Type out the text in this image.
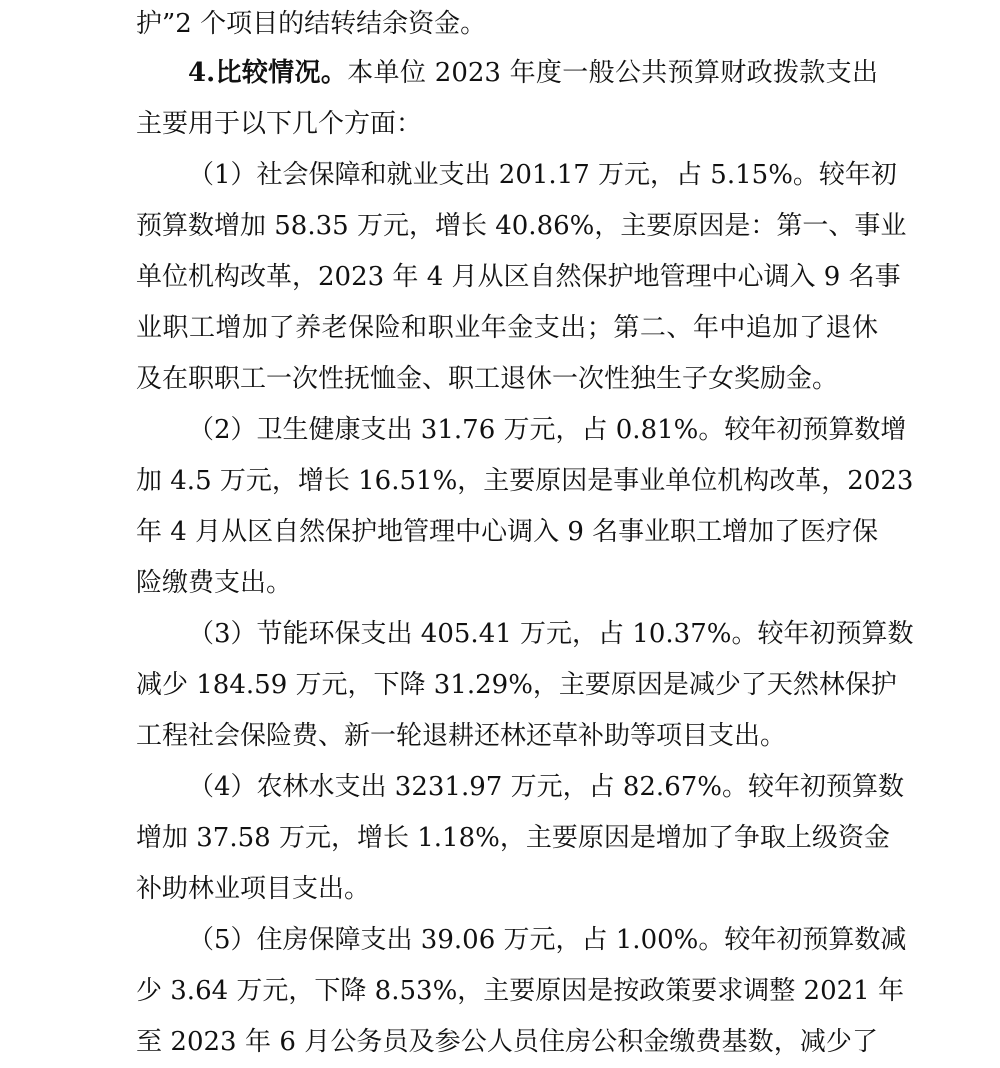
护”2 个项目的结转结余资金。
4.比较情况。本单位 2023 年度一般公共预算财政拨款支出
主要用于以下几个方面：
（1）社会保障和就业支出 201.17 万元，占 5.15%。较年初
预算数增加 58.35 万元，增长 40.86%，主要原因是：第一、事业
单位机构改革，2023 年 4 月从区自然保护地管理中心调入 9 名事
业职工增加了养老保险和职业年金支出；第二、年中追加了退休
及在职职工一次性抚恤金、职工退休一次性独生子女奖励金。
（2）卫生健康支出 31.76 万元，占 0.81%。较年初预算数增
加 4.5 万元，增长 16.51%，主要原因是事业单位机构改革，2023
年 4 月从区自然保护地管理中心调入 9 名事业职工增加了医疗保
险缴费支出。
（3）节能环保支出 405.41 万元，占 10.37%。较年初预算数
减少 184.59 万元，下降 31.29%，主要原因是减少了天然林保护
工程社会保险费、新一轮退耕还林还草补助等项目支出。
（4）农林水支出 3231.97 万元，占 82.67%。较年初预算数
增加 37.58 万元，增长 1.18%，主要原因是增加了争取上级资金
补助林业项目支出。
（5）住房保障支出 39.06 万元，占 1.00%。较年初预算数减
少 3.64 万元，下降 8.53%，主要原因是按政策要求调整 2021 年
至 2023 年 6 月公务员及参公人员住房公积金缴费基数，减少了
